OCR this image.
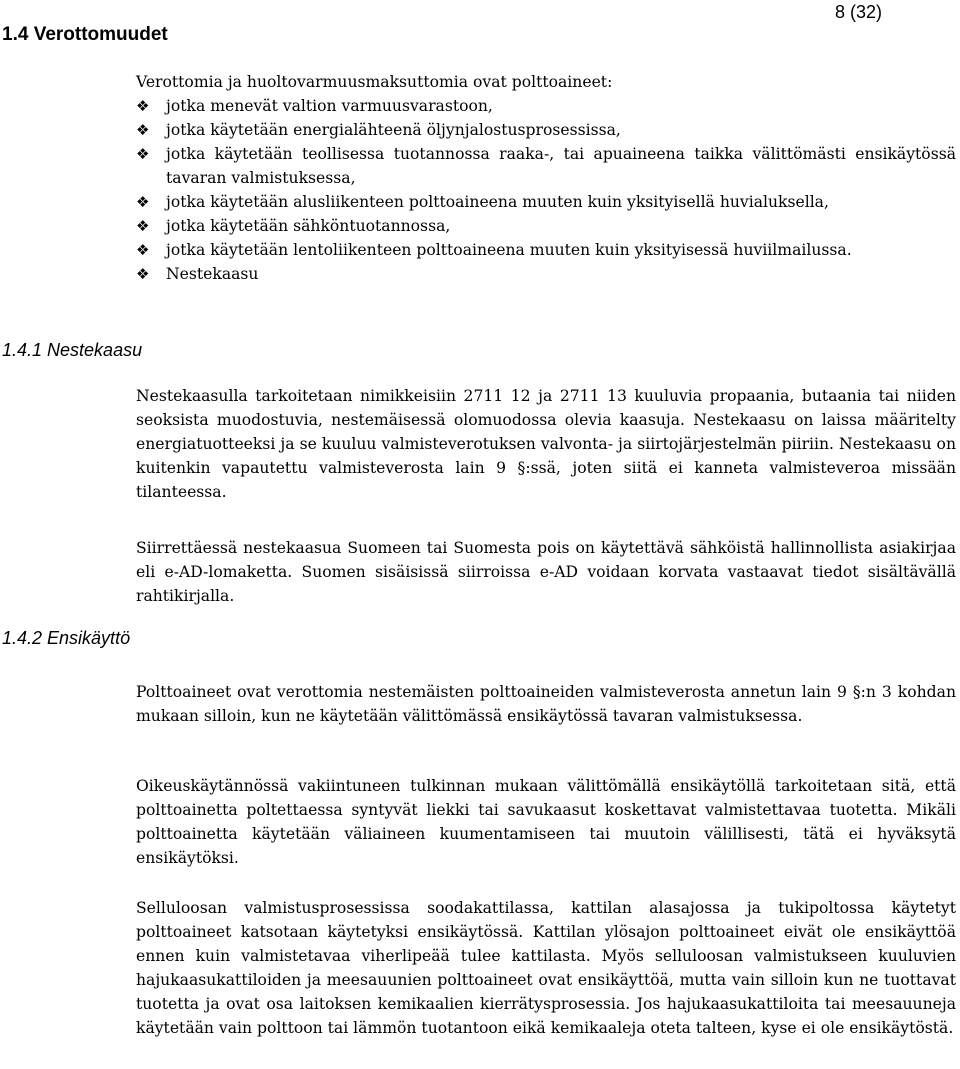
8 (32)
1.4 Verottomuudet

Verottomia ja huoltovarmuusmaksuttomia ovat polttoaineet:

❖ jotka menevät valtion varmuusvarastoon,
❖ jotka käytetään energialähteenä öljynjalostusprosessissa,
❖ jotka käytetään teollisessa tuotannossa raaka-, tai apuaineena taikka välittömästi ensikäytössä tavaran valmistuksessa,
❖ jotka käytetään alusliikenteen polttoaineena muuten kuin yksityisellä huvialuksella,
❖ jotka käytetään sähköntuotannossa,
❖ jotka käytetään lentoliikenteen polttoaineena muuten kuin yksityisessä huviilmailussa.
❖ Nestekaasu
1.4.1 Nestekaasu

Nestekaasulla tarkoitetaan nimikkeisiin 2711 12 ja 2711 13 kuuluvia propaania, butaania tai niiden seoksista muodostuvia, nestemäisessä olomuodossa olevia kaasuja. Nestekaasu on laissa määritelty energiatuotteeksi ja se kuuluu valmisteverotuksen valvonta- ja siirtojärjestelmän piiriin. Nestekaasu on kuitenkin vapautettu valmisteverosta lain 9 §:ssä, joten siitä ei kanneta valmisteveroa missään tilanteessa.

Siirrettäessä nestekaasua Suomeen tai Suomesta pois on käytettävä sähköistä hallinnollista asiakirjaa eli e-AD-lomaketta. Suomen sisäisissä siirroissa e-AD voidaan korvata vastaavat tiedot sisältävällä rahtikirjalla.

1.4.2 Ensikäyttö

Polttoaineet ovat verottomia nestemäisten polttoaineiden valmisteverosta annetun lain 9 §:n 3 kohdan mukaan silloin, kun ne käytetään välittömässä ensikäytössä tavaran valmistuksessa.

Oikeuskäytännössä vakiintuneen tulkinnan mukaan välittömällä ensikäytöllä tarkoitetaan sitä, että polttoainetta poltettaessa syntyvät liekki tai savukaasut koskettavat valmistettavaa tuotetta. Mikäli polttoainetta käytetään väliaineen kuumentamiseen tai muutoin välillisesti, tätä ei hyväksytä ensikäytöksi.

Selluloosan valmistusprosessissa soodakattilassa, kattilan alasajossa ja tukipoltossa käytetyt polttoaineet katsotaan käytetyksi ensikäytössä. Kattilan ylösajon polttoaineet eivät ole ensikäyttöä ennen kuin valmistetavaa viherlipeää tulee kattilasta. Myös selluloosan valmistukseen kuuluvien hajukaasukattiloiden ja meesauunien polttoaineet ovat ensikäyttöä, mutta vain silloin kun ne tuottavat tuotetta ja ovat osa laitoksen kemikaalien kierrätysprosessia. Jos hajukaasukattiloita tai meesauuneja käytetään vain polttoon tai lämmön tuotantoon eikä kemikaaleja oteta talteen, kyse ei ole ensikäytöstä.
